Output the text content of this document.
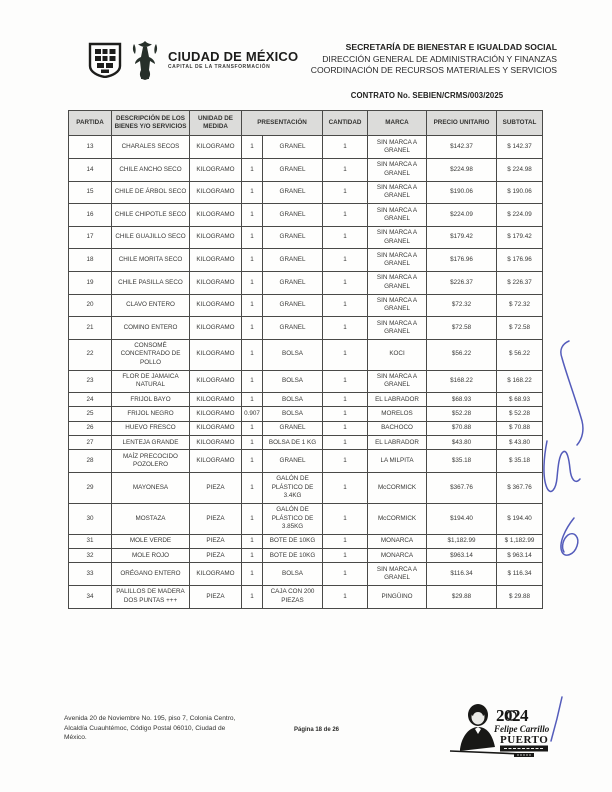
CIUDAD DE MÉXICO
CAPITAL DE LA TRANSFORMACIÓN
SECRETARÍA DE BIENESTAR E IGUALDAD SOCIAL
DIRECCIÓN GENERAL DE ADMINISTRACIÓN Y FINANZAS
COORDINACIÓN DE RECURSOS MATERIALES Y SERVICIOS
CONTRATO No. SEBIEN/CRMS/003/2025
PARTIDA	DESCRIPCIÓN DE LOS BIENES Y/O SERVICIOS	UNIDAD DE MEDIDA	PRESENTACIÓN		CANTIDAD	MARCA	PRECIO UNITARIO	SUBTOTAL
13	CHARALES SECOS	KILOGRAMO	1	GRANEL	1	SIN MARCA A GRANEL	$142.37	$ 142.37
14	CHILE ANCHO SECO	KILOGRAMO	1	GRANEL	1	SIN MARCA A GRANEL	$224.98	$ 224.98
15	CHILE DE ÁRBOL SECO	KILOGRAMO	1	GRANEL	1	SIN MARCA A GRANEL	$190.06	$ 190.06
16	CHILE CHIPOTLE SECO	KILOGRAMO	1	GRANEL	1	SIN MARCA A GRANEL	$224.09	$ 224.09
17	CHILE GUAJILLO SECO	KILOGRAMO	1	GRANEL	1	SIN MARCA A GRANEL	$179.42	$ 179.42
18	CHILE MORITA SECO	KILOGRAMO	1	GRANEL	1	SIN MARCA A GRANEL	$176.96	$ 176.96
19	CHILE PASILLA SECO	KILOGRAMO	1	GRANEL	1	SIN MARCA A GRANEL	$226.37	$ 226.37
20	CLAVO ENTERO	KILOGRAMO	1	GRANEL	1	SIN MARCA A GRANEL	$72.32	$ 72.32
21	COMINO ENTERO	KILOGRAMO	1	GRANEL	1	SIN MARCA A GRANEL	$72.58	$ 72.58
22	CONSOMÉ CONCENTRADO DE POLLO	KILOGRAMO	1	BOLSA	1	KOCI	$56.22	$ 56.22
23	FLOR DE JAMAICA NATURAL	KILOGRAMO	1	BOLSA	1	SIN MARCA A GRANEL	$168.22	$ 168.22
24	FRIJOL BAYO	KILOGRAMO	1	BOLSA	1	EL LABRADOR	$68.93	$ 68.93
25	FRIJOL NEGRO	KILOGRAMO	0.907	BOLSA	1	MORELOS	$52.28	$ 52.28
26	HUEVO FRESCO	KILOGRAMO	1	GRANEL	1	BACHOCO	$70.88	$ 70.88
27	LENTEJA GRANDE	KILOGRAMO	1	BOLSA DE 1 KG	1	EL LABRADOR	$43.80	$ 43.80
28	MAÍZ PRECOCIDO POZOLERO	KILOGRAMO	1	GRANEL	1	LA MILPITA	$35.18	$ 35.18
29	MAYONESA	PIEZA	1	GALÓN DE PLÁSTICO DE 3.4KG	1	McCORMICK	$367.76	$ 367.76
30	MOSTAZA	PIEZA	1	GALÓN DE PLÁSTICO DE 3.85KG	1	McCORMICK	$194.40	$ 194.40
31	MOLE VERDE	PIEZA	1	BOTE DE 10KG	1	MONARCA	$1,182.99	$ 1,182.99
32	MOLE ROJO	PIEZA	1	BOTE DE 10KG	1	MONARCA	$963.14	$ 963.14
33	ORÉGANO ENTERO	KILOGRAMO	1	BOLSA	1	SIN MARCA A GRANEL	$116.34	$ 116.34
34	PALILLOS DE MADERA DOS PUNTAS +++	PIEZA	1	CAJA CON 200 PIEZAS	1	PINGÜINO	$29.88	$ 29.88
Avenida 20 de Noviembre No. 195, piso 7, Colonia Centro,
Alcaldía Cuauhtémoc, Código Postal 06010, Ciudad de
México.
Página 18 de 26
2024
Felipe Carrillo
PUERTO
